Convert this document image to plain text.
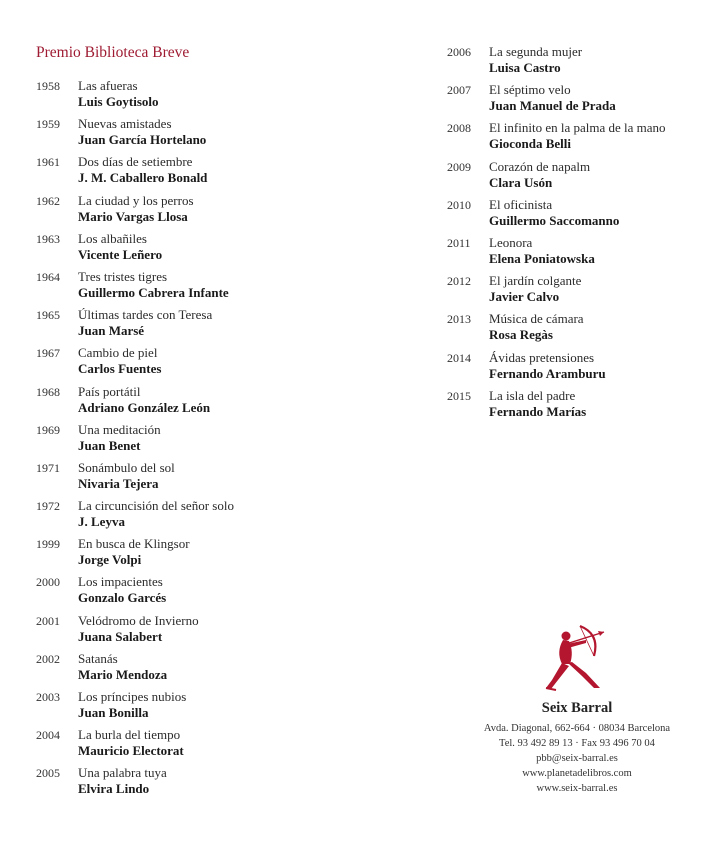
Premio Biblioteca Breve
1958 Las afueras
Luis Goytisolo
1959 Nuevas amistades
Juan García Hortelano
1961 Dos días de setiembre
J. M. Caballero Bonald
1962 La ciudad y los perros
Mario Vargas Llosa
1963 Los albañiles
Vicente Leñero
1964 Tres tristes tigres
Guillermo Cabrera Infante
1965 Últimas tardes con Teresa
Juan Marsé
1967 Cambio de piel
Carlos Fuentes
1968 País portátil
Adriano González León
1969 Una meditación
Juan Benet
1971 Sonámbulo del sol
Nivaria Tejera
1972 La circuncisión del señor solo
J. Leyva
1999 En busca de Klingsor
Jorge Volpi
2000 Los impacientes
Gonzalo Garcés
2001 Velódromo de Invierno
Juana Salabert
2002 Satanás
Mario Mendoza
2003 Los príncipes nubios
Juan Bonilla
2004 La burla del tiempo
Mauricio Electorat
2005 Una palabra tuya
Elvira Lindo
2006 La segunda mujer
Luisa Castro
2007 El séptimo velo
Juan Manuel de Prada
2008 El infinito en la palma de la mano
Gioconda Belli
2009 Corazón de napalm
Clara Usón
2010 El oficinista
Guillermo Saccomanno
2011 Leonora
Elena Poniatowska
2012 El jardín colgante
Javier Calvo
2013 Música de cámara
Rosa Regàs
2014 Ávidas pretensiones
Fernando Aramburu
2015 La isla del padre
Fernando Marías
Seix Barral
Avda. Diagonal, 662-664 · 08034 Barcelona
Tel. 93 492 89 13 · Fax 93 496 70 04
pbb@seix-barral.es
www.planetadelibros.com
www.seix-barral.es
